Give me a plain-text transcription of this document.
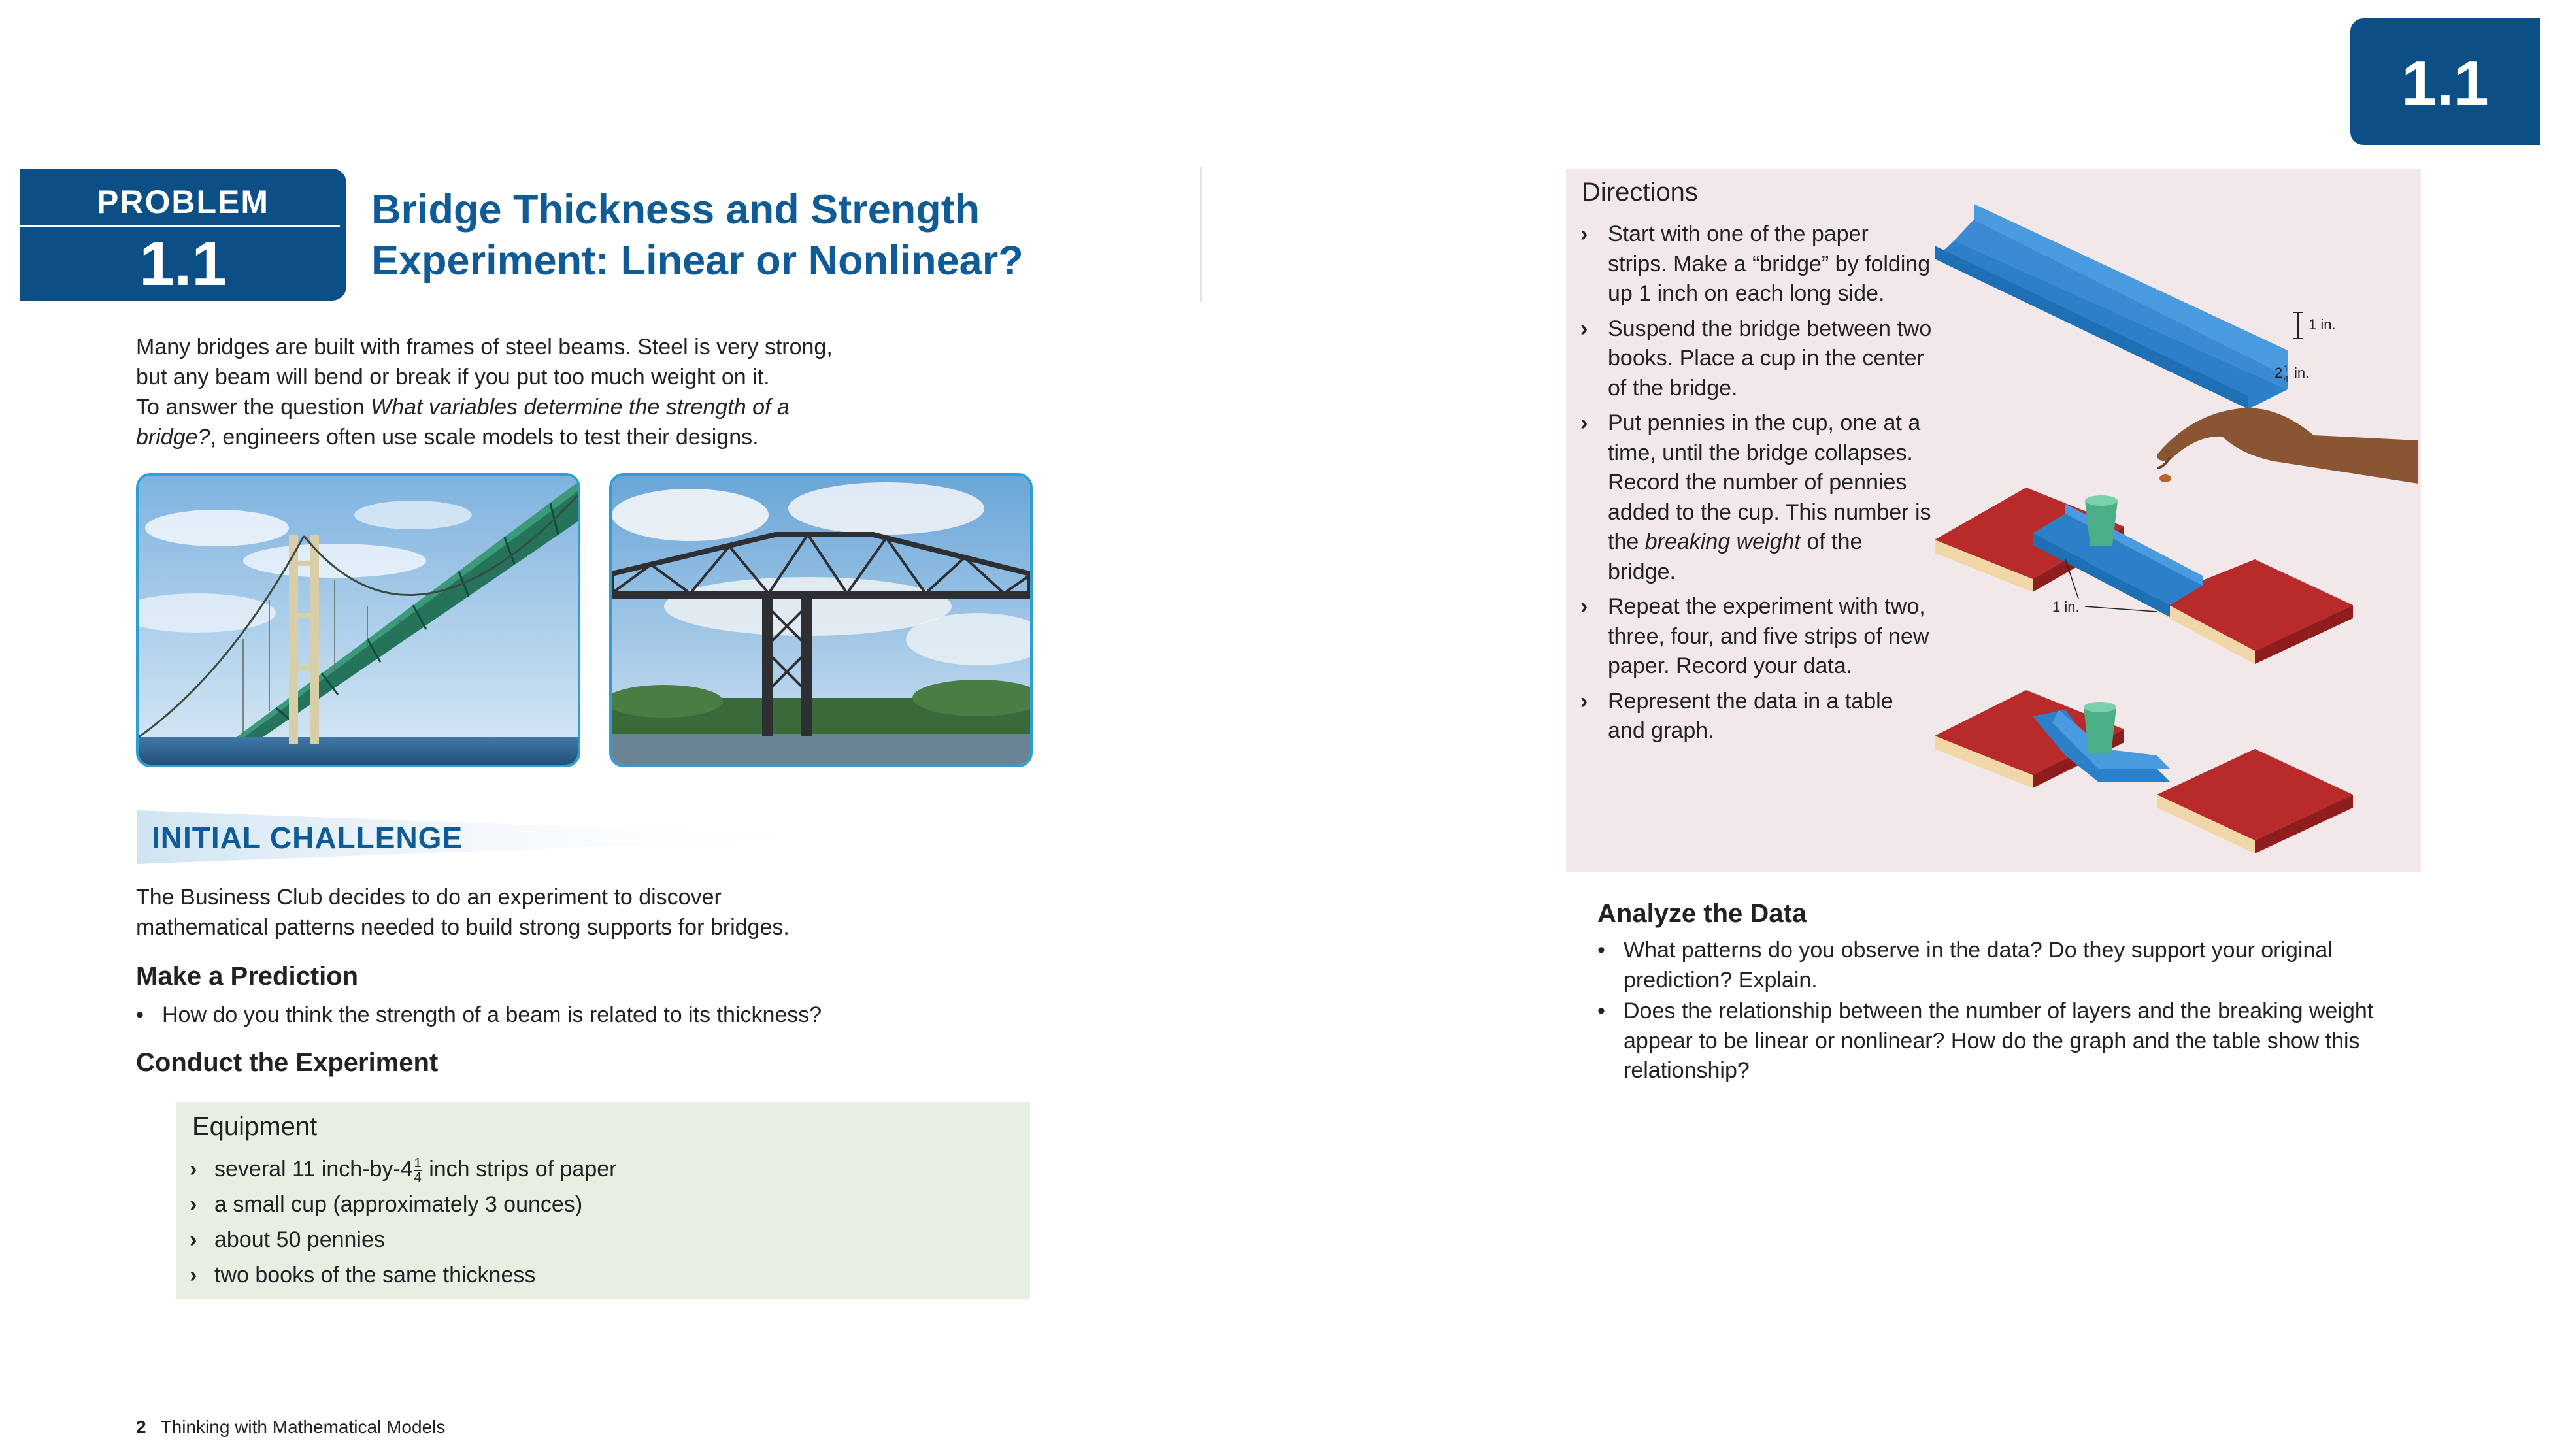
PROBLEM
1.1
Bridge Thickness and Strength
Experiment: Linear or Nonlinear?
Many bridges are built with frames of steel beams. Steel is very strong,
but any beam will bend or break if you put too much weight on it.
To answer the question What variables determine the strength of a
bridge?, engineers often use scale models to test their designs.
INITIAL CHALLENGE
The Business Club decides to do an experiment to discover
mathematical patterns needed to build strong supports for bridges.
Make a Prediction
• How do you think the strength of a beam is related to its thickness?
Conduct the Experiment
Equipment
› several 11 inch-by-4 $\frac{1}{4}$ inch strips of paper
› a small cup (approximately 3 ounces)
› about 50 pennies
› two books of the same thickness
2 Thinking with Mathematical Models
1.1
Directions
› Start with one of the paper strips. Make a “bridge” by folding up 1 inch on each long side.
› Suspend the bridge between two books. Place a cup in the center of the bridge.
› Put pennies in the cup, one at a time, until the bridge collapses. Record the number of pennies added to the cup. This number is the breaking weight of the bridge.
› Repeat the experiment with two, three, four, and five strips of new paper. Record your data.
› Represent the data in a table and graph.
1 in.
2 1
4 in.
1 in.
Analyze the Data
• What patterns do you observe in the data? Do they support your original prediction? Explain.
• Does the relationship between the number of layers and the breaking weight appear to be linear or nonlinear? How do the graph and the table show this relationship?
